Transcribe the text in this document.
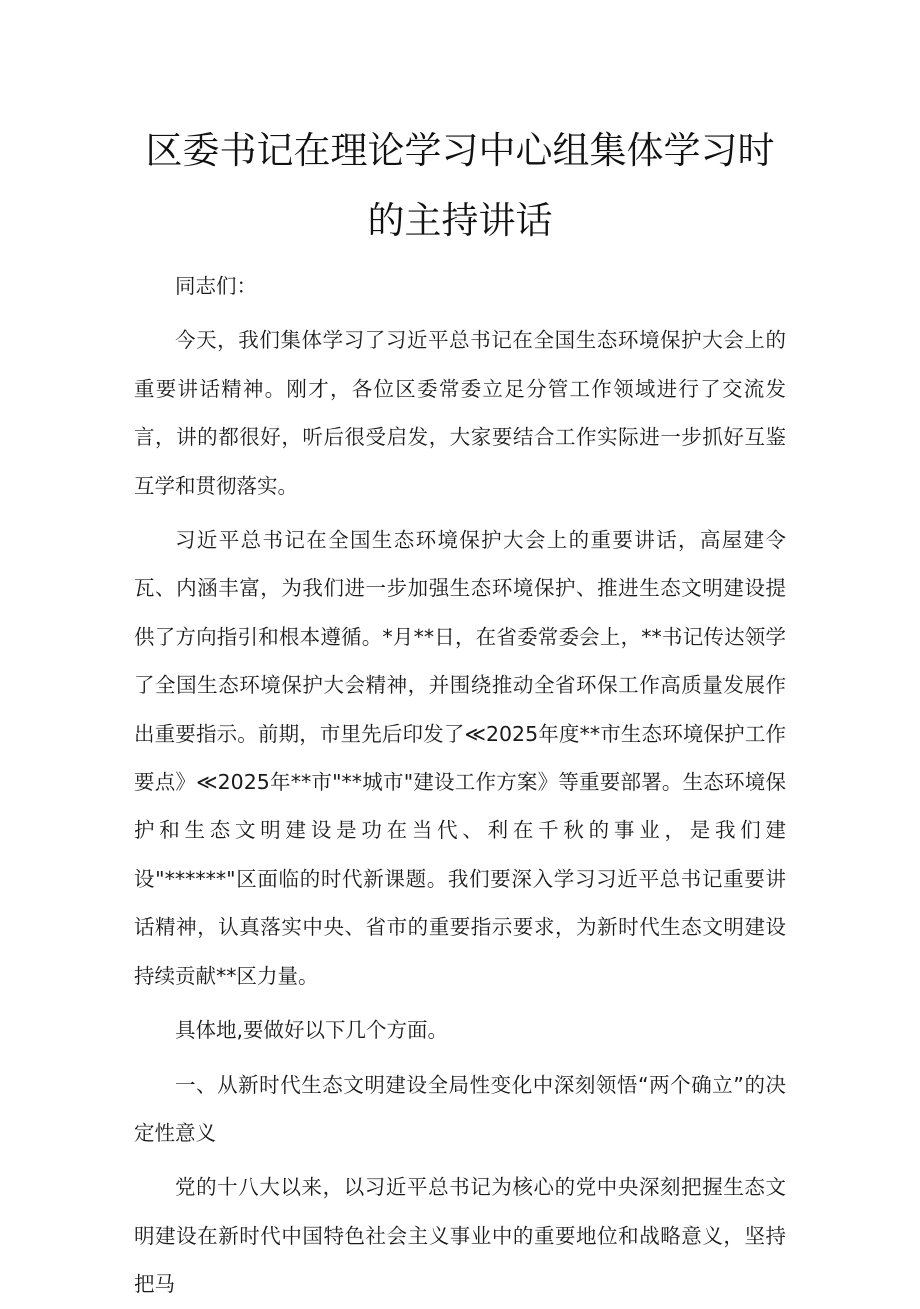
区委书记在理论学习中心组集体学习时
的主持讲话

同志们：

今天，我们集体学习了习近平总书记在全国生态环境保护大会上的重要讲话精神。刚才，各位区委常委立足分管工作领域进行了交流发言，讲的都很好，听后很受启发，大家要结合工作实际进一步抓好互鉴互学和贯彻落实。

习近平总书记在全国生态环境保护大会上的重要讲话，高屋建令瓦、内涵丰富，为我们进一步加强生态环境保护、推进生态文明建设提供了方向指引和根本遵循。*月**日，在省委常委会上，**书记传达领学了全国生态环境保护大会精神，并围绕推动全省环保工作高质量发展作出重要指示。前期，市里先后印发了≪2025年度**市生态环境保护工作要点》≪2025年**市"**城市"建设工作方案》等重要部署。生态环境保护和生态文明建设是功在当代、利在千秋的事业，是我们建设"******"区面临的时代新课题。我们要深入学习习近平总书记重要讲话精神，认真落实中央、省市的重要指示要求，为新时代生态文明建设持续贡献**区力量。

具体地,要做好以下几个方面。

一、从新时代生态文明建设全局性变化中深刻领悟“两个确立”的决定性意义

党的十八大以来，以习近平总书记为核心的党中央深刻把握生态文明建设在新时代中国特色社会主义事业中的重要地位和战略意义，坚持把马
